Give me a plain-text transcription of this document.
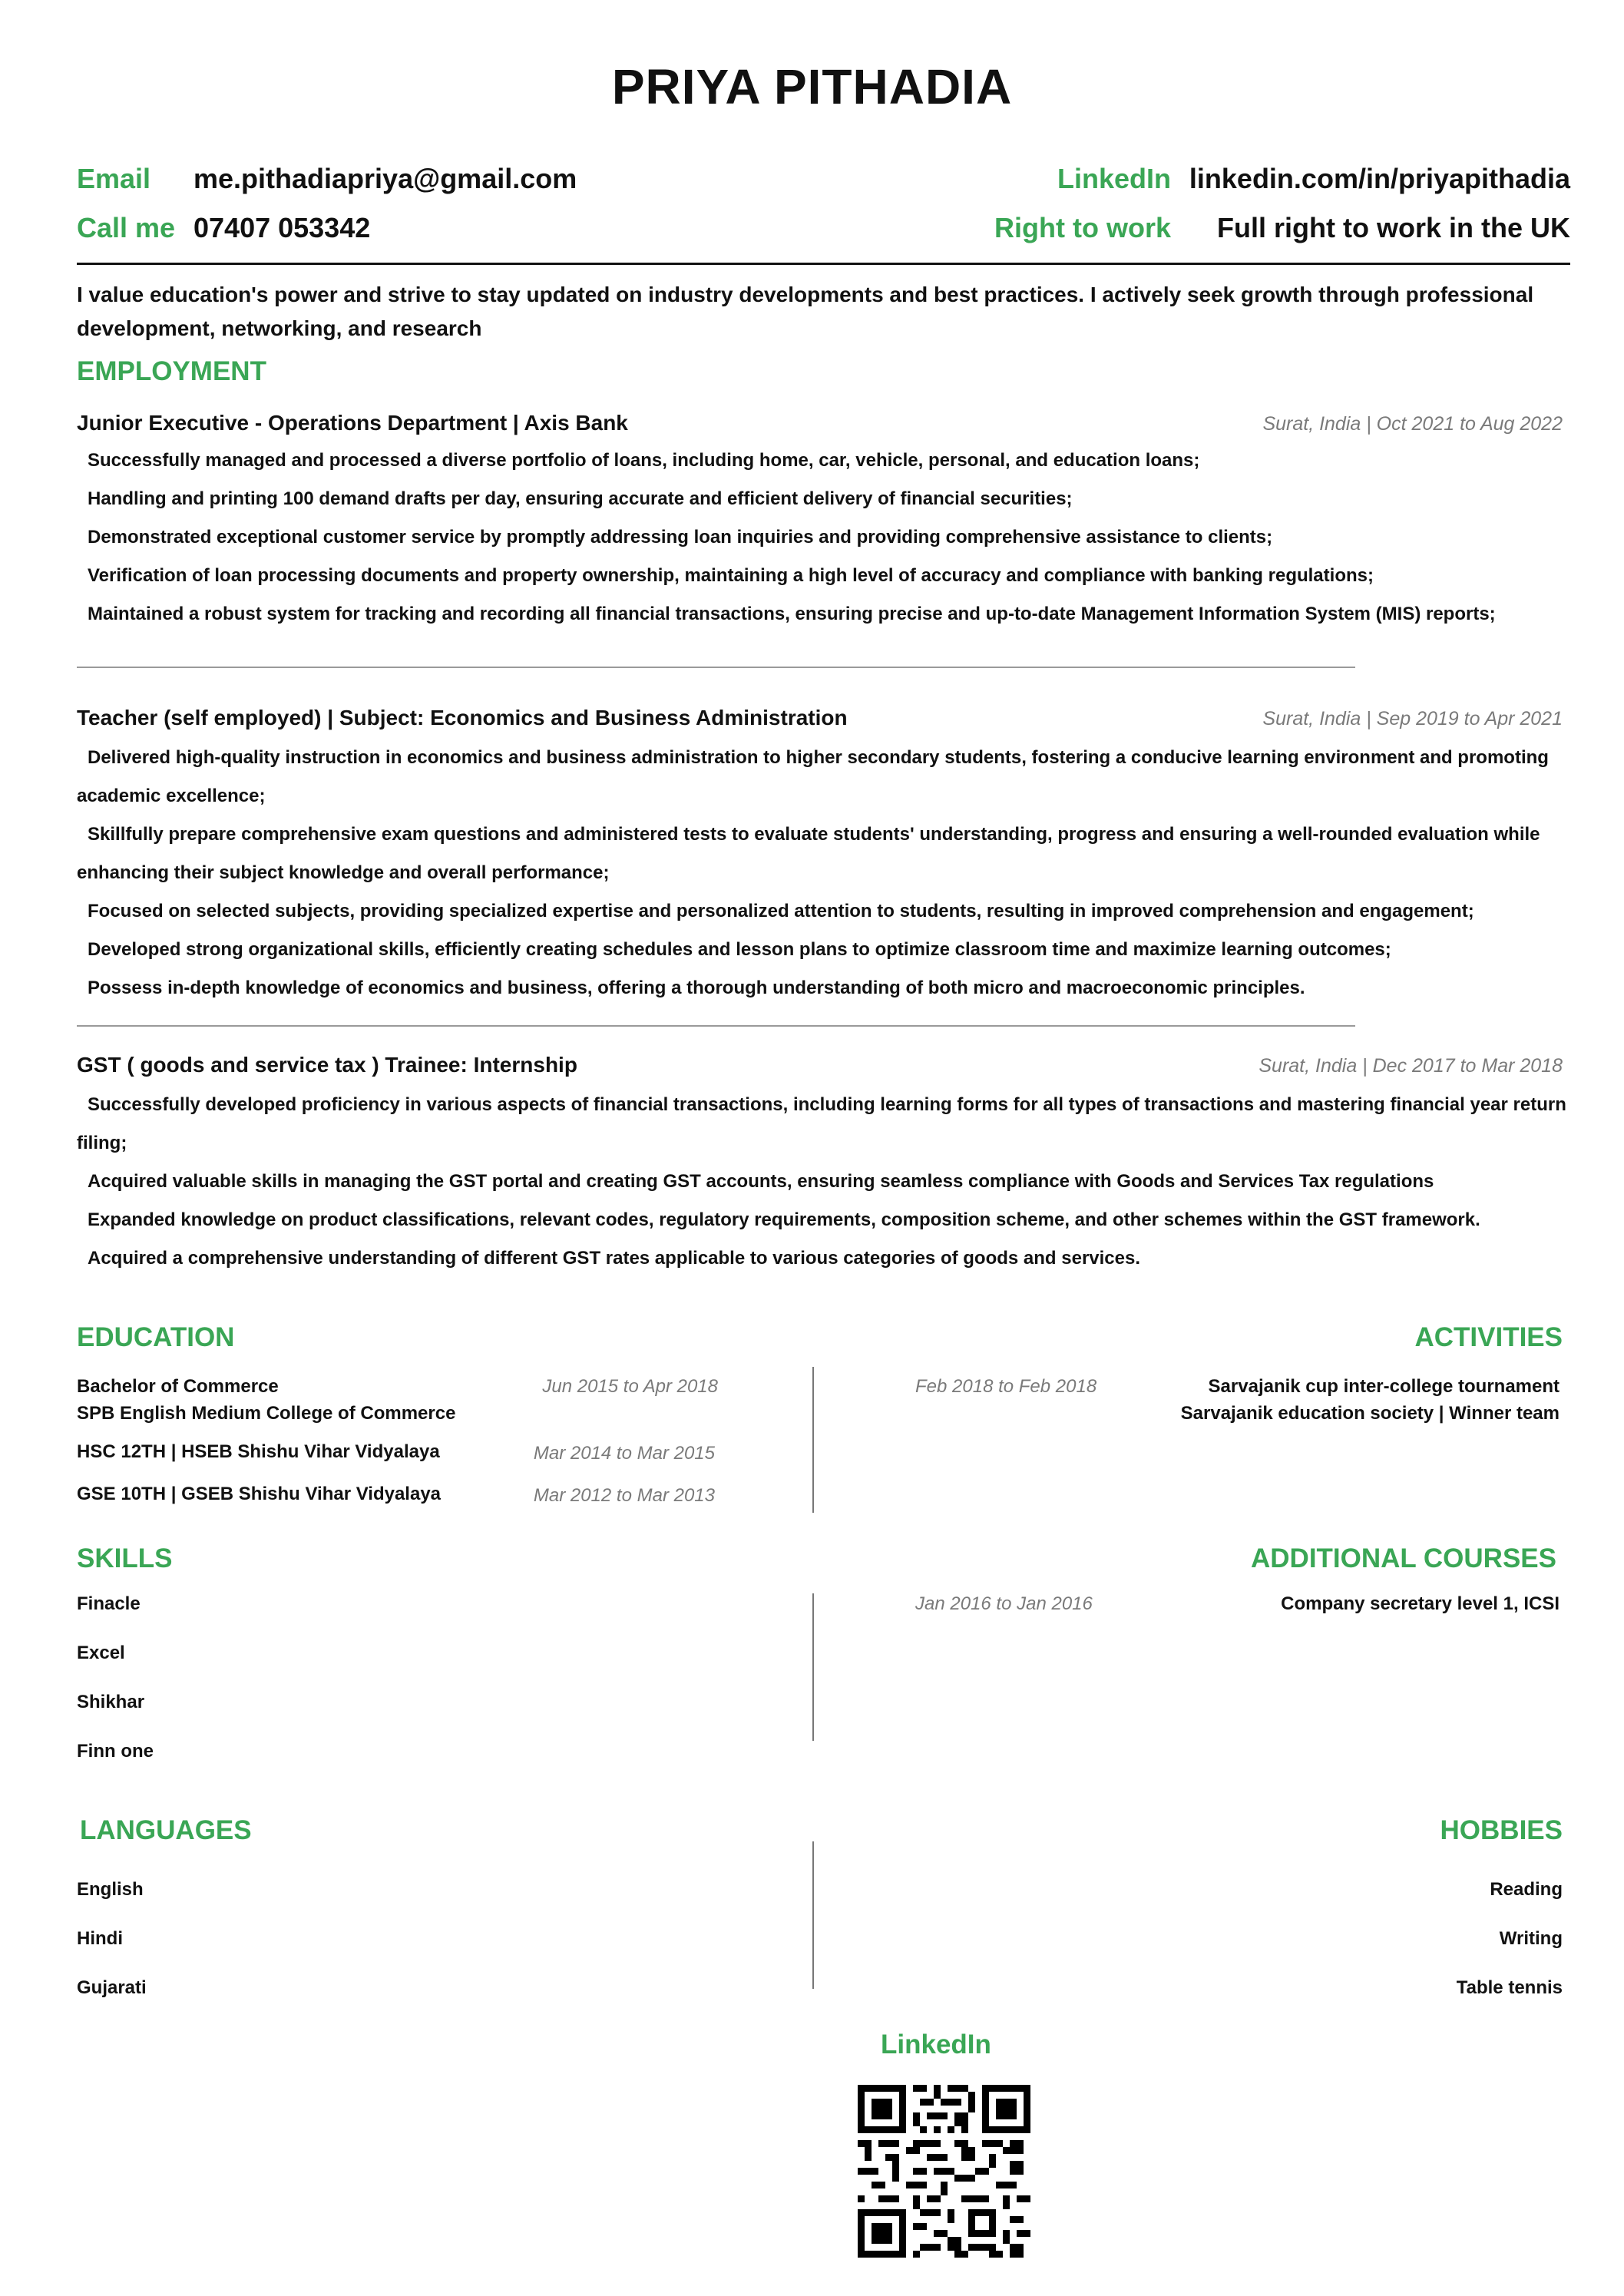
PRIYA PITHADIA
Email me.pithadiapriya@gmail.com
Call me 07407 053342
LinkedIn linkedin.com/in/priyapithadia
Right to work Full right to work in the UK
I value education's power and strive to stay updated on industry developments and best practices. I actively seek growth through professional development, networking, and research
EMPLOYMENT
Junior Executive - Operations Department | Axis Bank	Surat, India | Oct 2021 to Aug 2022
Successfully managed and processed a diverse portfolio of loans, including home, car, vehicle, personal, and education loans;
Handling and printing 100 demand drafts per day, ensuring accurate and efficient delivery of financial securities;
Demonstrated exceptional customer service by promptly addressing loan inquiries and providing comprehensive assistance to clients;
Verification of loan processing documents and property ownership, maintaining a high level of accuracy and compliance with banking regulations;
Maintained a robust system for tracking and recording all financial transactions, ensuring precise and up-to-date Management Information System (MIS) reports;
Teacher (self employed) | Subject: Economics and Business Administration	Surat, India | Sep 2019 to Apr 2021
Delivered high-quality instruction in economics and business administration to higher secondary students, fostering a conducive learning environment and promoting academic excellence;
Skillfully prepare comprehensive exam questions and administered tests to evaluate students' understanding, progress and ensuring a well-rounded evaluation while enhancing their subject knowledge and overall performance;
Focused on selected subjects, providing specialized expertise and personalized attention to students, resulting in improved comprehension and engagement;
Developed strong organizational skills, efficiently creating schedules and lesson plans to optimize classroom time and maximize learning outcomes;
Possess in-depth knowledge of economics and business, offering a thorough understanding of both micro and macroeconomic principles.
GST ( goods and service tax ) Trainee: Internship	Surat, India | Dec 2017 to Mar 2018
Successfully developed proficiency in various aspects of financial transactions, including learning forms for all types of transactions and mastering financial year return filing;
Acquired valuable skills in managing the GST portal and creating GST accounts, ensuring seamless compliance with Goods and Services Tax regulations
Expanded knowledge on product classifications, relevant codes, regulatory requirements, composition scheme, and other schemes within the GST framework.
Acquired a comprehensive understanding of different GST rates applicable to various categories of goods and services.
EDUCATION
Bachelor of Commerce
SPB English Medium College of Commerce
Jun 2015 to Apr 2018
HSC 12TH | HSEB Shishu Vihar Vidyalaya	Mar 2014 to Mar 2015
GSE 10TH | GSEB Shishu Vihar Vidyalaya	Mar 2012 to Mar 2013
ACTIVITIES
Feb 2018 to Feb 2018	Sarvajanik cup inter-college tournament
Sarvajanik education society | Winner team
SKILLS
Finacle
Excel
Shikhar
Finn one
ADDITIONAL COURSES
Jan 2016 to Jan 2016	Company secretary level 1, ICSI
LANGUAGES
English
Hindi
Gujarati
HOBBIES
Reading
Writing
Table tennis
LinkedIn
